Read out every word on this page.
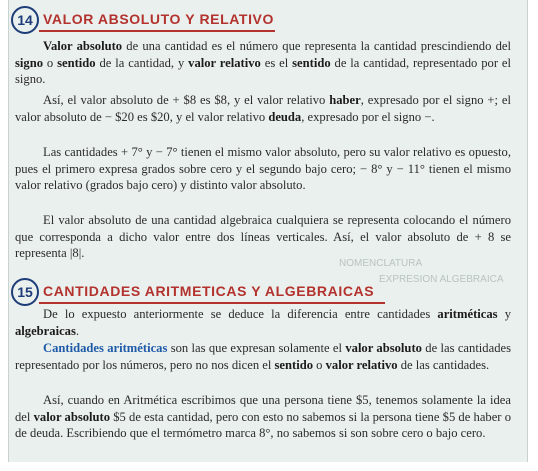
NOMENCLATURA
EXPRESION ALGEBRAICA
14 VALOR ABSOLUTO Y RELATIVO
Valor absoluto de una cantidad es el número que representa la cantidad prescindiendo del signo o sentido de la cantidad, y valor relativo es el sentido de la cantidad, representado por el signo.
Así, el valor absoluto de + $8 es $8, y el valor relativo haber, expresado por el signo +; el valor absoluto de − $20 es $20, y el valor relativo deuda, expresado por el signo −.
Las cantidades + 7° y − 7° tienen el mismo valor absoluto, pero su valor relativo es opuesto, pues el primero expresa grados sobre cero y el segundo bajo cero; − 8° y − 11° tienen el mismo valor relativo (grados bajo cero) y distinto valor absoluto.
El valor absoluto de una cantidad algebraica cualquiera se representa colocando el número que corresponda a dicho valor entre dos líneas verticales. Así, el valor absoluto de + 8 se representa |8|.
15 CANTIDADES ARITMETICAS Y ALGEBRAICAS
De lo expuesto anteriormente se deduce la diferencia entre cantidades aritméticas y algebraicas.
Cantidades aritméticas son las que expresan solamente el valor absoluto de las cantidades representado por los números, pero no nos dicen el sentido o valor relativo de las cantidades.
Así, cuando en Aritmética escribimos que una persona tiene $5, tenemos solamente la idea del valor absoluto $5 de esta cantidad, pero con esto no sabemos si la persona tiene $5 de haber o de deuda. Escribiendo que el termómetro marca 8°, no sabemos si son sobre cero o bajo cero.
